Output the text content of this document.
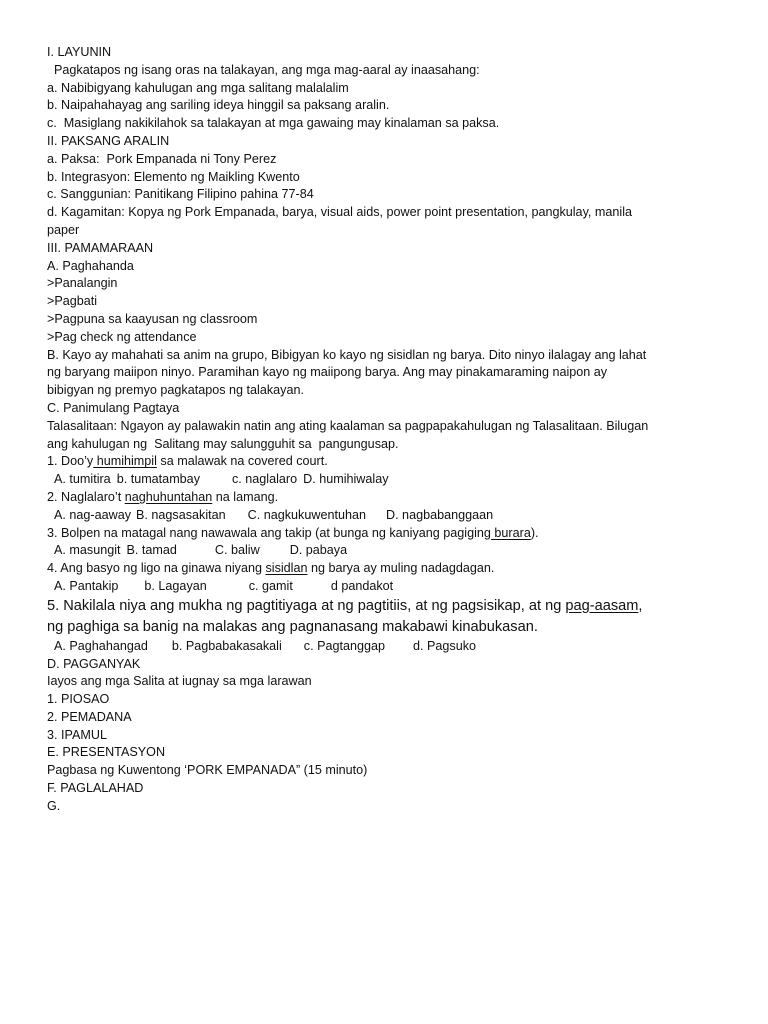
I. LAYUNIN
Pagkatapos ng isang oras na talakayan, ang mga mag-aaral ay inaasahang:
a. Nabibigyang kahulugan ang mga salitang malalalim
b. Naipahahayag ang sariling ideya hinggil sa paksang aralin.
c.  Masiglang nakikilahok sa talakayan at mga gawaing may kinalaman sa paksa.
II. PAKSANG ARALIN
a. Paksa:  Pork Empanada ni Tony Perez
b. Integrasyon: Elemento ng Maikling Kwento
c. Sanggunian: Panitikang Filipino pahina 77-84
d. Kagamitan: Kopya ng Pork Empanada, barya, visual aids, power point presentation, pangkulay, manila
paper
III. PAMAMARAAN
A. Paghahanda
>Panalangin
>Pagbati
>Pagpuna sa kaayusan ng classroom
>Pag check ng attendance
B. Kayo ay mahahati sa anim na grupo, Bibigyan ko kayo ng sisidlan ng barya. Dito ninyo ilalagay ang lahat
ng baryang maiipon ninyo. Paramihan kayo ng maiipong barya. Ang may pinakamaraming naipon ay
bibigyan ng premyo pagkatapos ng talakayan.
C. Panimulang Pagtaya
Talasalitaan: Ngayon ay palawakin natin ang ating kaalaman sa pagpapakahulugan ng Talasalitaan. Bilugan
ang kahulugan ng  Salitang may salungguhit sa  pangungusap.
1. Doo’y humihimpil sa malawak na covered court.
A. tumitira b. tumatambay	c. naglalaro D. humihiwalay
2. Naglalaro’t naghuhuntahan na lamang.
A. nag-aaway B. nagsasakitan C. nagkukuwentuhan D. nagbabanggaan
3. Bolpen na matagal nang nawawala ang takip (at bunga ng kaniyang pagiging burara).
A. masungit B. tamad	C. baliw D. pabaya
4. Ang basyo ng ligo na ginawa niyang sisidlan ng barya ay muling nadagdagan.
A. Pantakip b. Lagayan	c. gamit	d pandakot
5. Nakilala niya ang mukha ng pagtitiyaga at ng pagtitiis, at ng pagsisikap, at ng pag-aasam,
ng paghiga sa banig na malakas ang pagnanasang makabawi kinabukasan.
A. Paghahangad b. Pagbabakasakali c. Pagtanggap d. Pagsuko
D. PAGGANYAK
Iayos ang mga Salita at iugnay sa mga larawan
1. PIOSAO
2. PEMADANA
3. IPAMUL
E. PRESENTASYON
Pagbasa ng Kuwentong ‘PORK EMPANADA” (15 minuto)
F. PAGLALAHAD
G.
